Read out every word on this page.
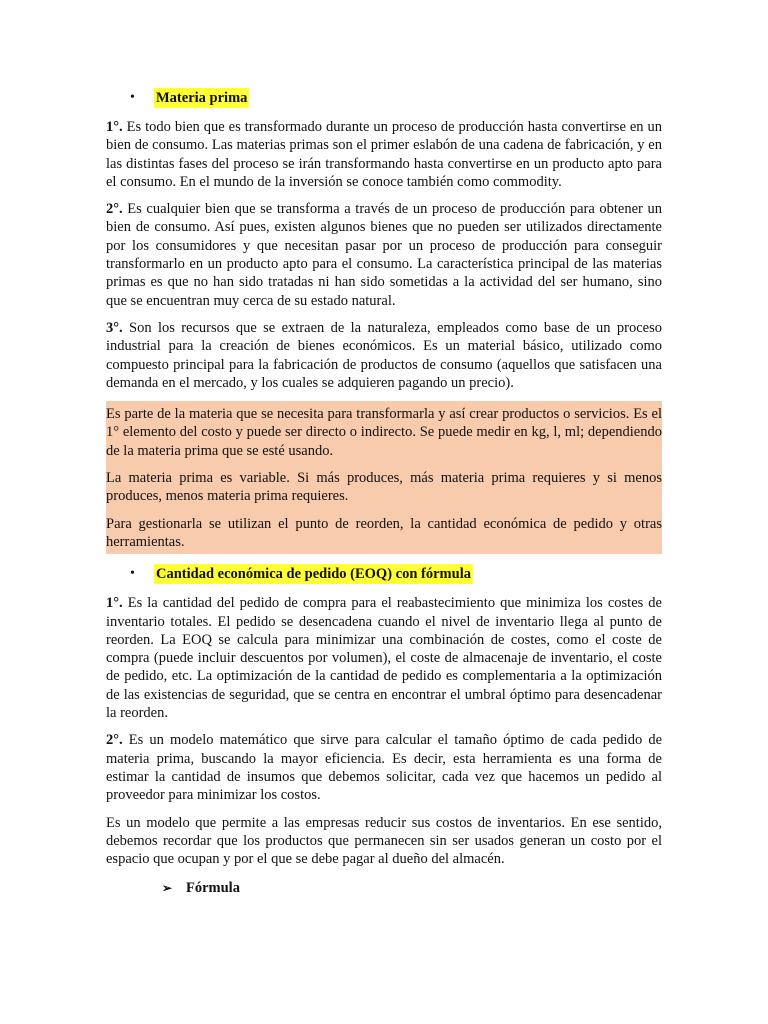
•	Materia prima

1°. Es todo bien que es transformado durante un proceso de producción hasta convertirse en un bien de consumo. Las materias primas son el primer eslabón de una cadena de fabricación, y en las distintas fases del proceso se irán transformando hasta convertirse en un producto apto para el consumo. En el mundo de la inversión se conoce también como commodity.

2°. Es cualquier bien que se transforma a través de un proceso de producción para obtener un bien de consumo. Así pues, existen algunos bienes que no pueden ser utilizados directamente por los consumidores y que necesitan pasar por un proceso de producción para conseguir transformarlo en un producto apto para el consumo. La característica principal de las materias primas es que no han sido tratadas ni han sido sometidas a la actividad del ser humano, sino que se encuentran muy cerca de su estado natural.

3°. Son los recursos que se extraen de la naturaleza, empleados como base de un proceso industrial para la creación de bienes económicos. Es un material básico, utilizado como compuesto principal para la fabricación de productos de consumo (aquellos que satisfacen una demanda en el mercado, y los cuales se adquieren pagando un precio).

Es parte de la materia que se necesita para transformarla y así crear productos o servicios. Es el 1° elemento del costo y puede ser directo o indirecto. Se puede medir en kg, l, ml; dependiendo de la materia prima que se esté usando.

La materia prima es variable. Si más produces, más materia prima requieres y si menos produces, menos materia prima requieres.

Para gestionarla se utilizan el punto de reorden, la cantidad económica de pedido y otras herramientas.

•	Cantidad económica de pedido (EOQ) con fórmula

1°. Es la cantidad del pedido de compra para el reabastecimiento que minimiza los costes de inventario totales. El pedido se desencadena cuando el nivel de inventario llega al punto de reorden. La EOQ se calcula para minimizar una combinación de costes, como el coste de compra (puede incluir descuentos por volumen), el coste de almacenaje de inventario, el coste de pedido, etc. La optimización de la cantidad de pedido es complementaria a la optimización de las existencias de seguridad, que se centra en encontrar el umbral óptimo para desencadenar la reorden.

2°. Es un modelo matemático que sirve para calcular el tamaño óptimo de cada pedido de materia prima, buscando la mayor eficiencia. Es decir, esta herramienta es una forma de estimar la cantidad de insumos que debemos solicitar, cada vez que hacemos un pedido al proveedor para minimizar los costos.

Es un modelo que permite a las empresas reducir sus costos de inventarios. En ese sentido, debemos recordar que los productos que permanecen sin ser usados generan un costo por el espacio que ocupan y por el que se debe pagar al dueño del almacén.

➢ Fórmula
